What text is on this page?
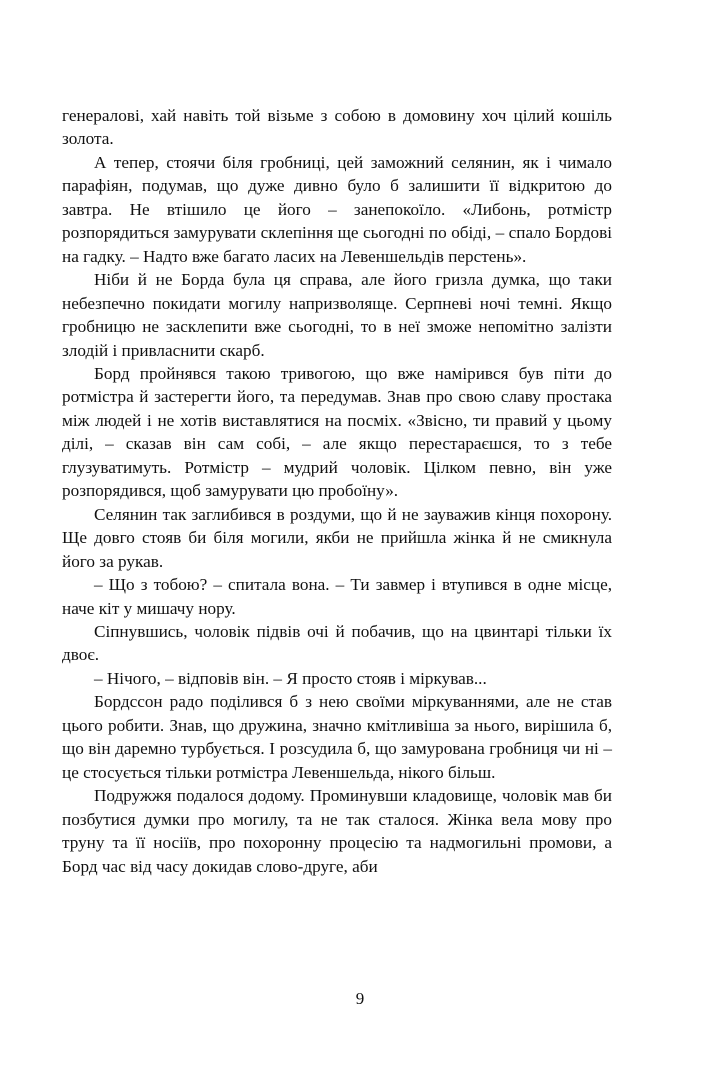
генералові, хай навіть той візьме з собою в домовину хоч цілий кошіль золота.

А тепер, стоячи біля гробниці, цей заможний селянин, як і чимало парафіян, подумав, що дуже дивно було б залишити її відкритою до завтра. Не втішило це його – занепокоїло. «Либонь, ротмістр розпорядиться замурувати склепіння ще сьогодні по обіді, – спало Бордові на гадку. – Надто вже багато ласих на Левеншельдів перстень».

Ніби й не Борда була ця справа, але його гризла думка, що таки небезпечно покидати могилу напризволяще. Серпневі ночі темні. Якщо гробницю не засклепити вже сьогодні, то в неї зможе непомітно залізти злодій і привласнити скарб.

Борд пройнявся такою тривогою, що вже намірився був піти до ротмістра й застерегти його, та передумав. Знав про свою славу простака між людей і не хотів виставлятися на посміх. «Звісно, ти правий у цьому ділі, – сказав він сам собі, – але якщо перестараєшся, то з тебе глузуватимуть. Ротмістр – мудрий чоловік. Цілком певно, він уже розпорядився, щоб замурувати цю пробоїну».

Селянин так заглибився в роздуми, що й не зауважив кінця похорону. Ще довго стояв би біля могили, якби не прийшла жінка й не смикнула його за рукав.

– Що з тобою? – спитала вона. – Ти завмер і втупився в одне місце, наче кіт у мишачу нору.

Сіпнувшись, чоловік підвів очі й побачив, що на цвинтарі тільки їх двоє.

– Нічого, – відповів він. – Я просто стояв і міркував...

Бордссон радо поділився б з нею своїми міркуваннями, але не став цього робити. Знав, що дружина, значно кмітливіша за нього, вирішила б, що він даремно турбується. І розсудила б, що замурована гробниця чи ні – це стосується тільки ротмістра Левеншельда, нікого більш.

Подружжя подалося додому. Проминувши кладовище, чоловік мав би позбутися думки про могилу, та не так сталося. Жінка вела мову про труну та її носіїв, про похоронну процесію та надмогильні промови, а Борд час від часу докидав слово-друге, аби

9
